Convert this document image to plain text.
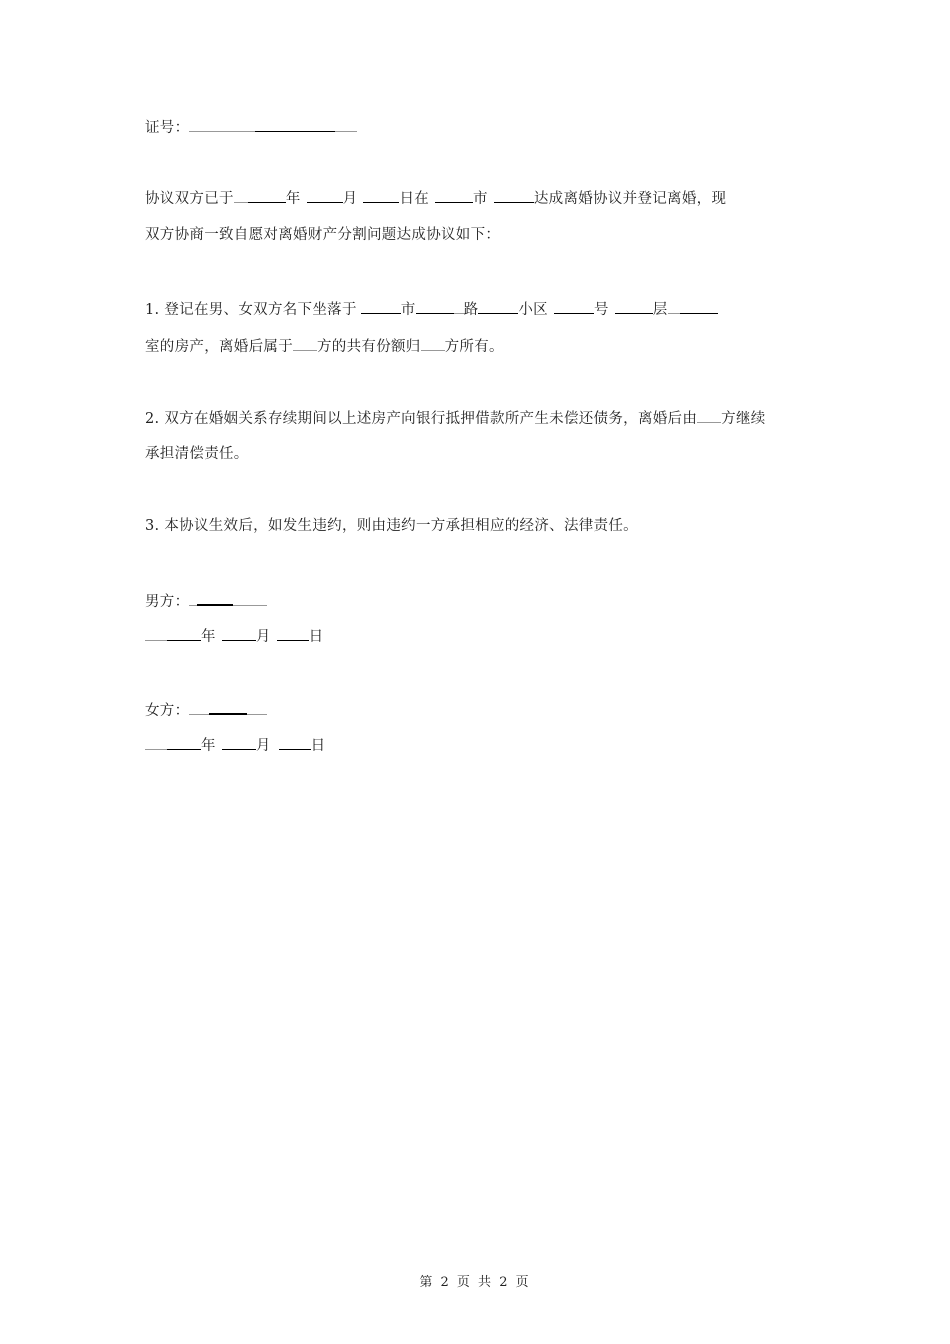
证号：
协议双方已于	年	月	日在	市	达成离婚协议并登记离婚，现
双方协商一致自愿对离婚财产分割问题达成协议如下：
1. 登记在男、女双方名下坐落于	市	路	小区	号	层
室的房产，离婚后属于 方的共有份额归 方所有。
2. 双方在婚姻关系存续期间以上述房产向银行抵押借款所产生未偿还债务，离婚后由 方继续
承担清偿责任。
3. 本协议生效后，如发生违约，则由违约一方承担相应的经济、法律责任。
男方：
年	月	日
女方：
年	月	日
第 2 页 共 2 页
